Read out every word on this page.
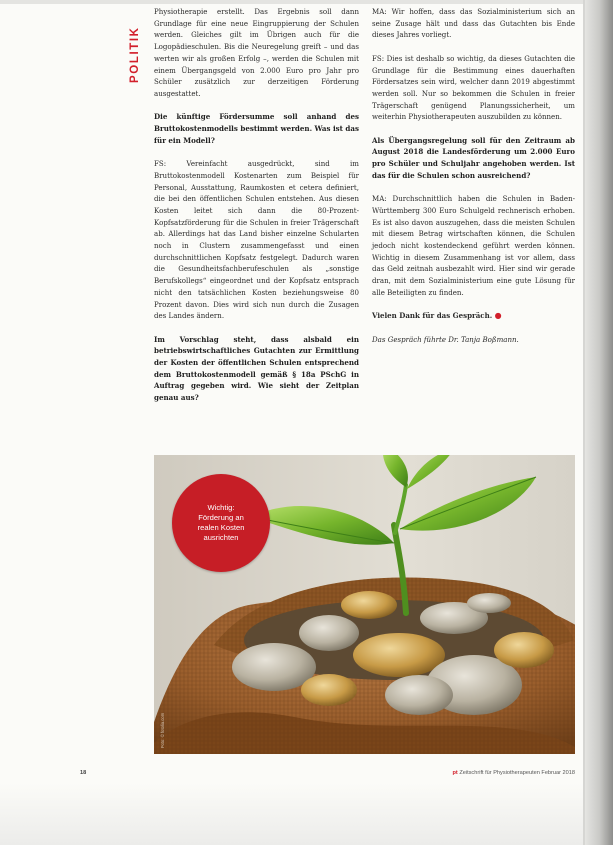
POLITIK

Physiotherapie erstellt. Das Ergebnis soll dann Grundlage für eine neue Eingruppierung der Schulen werden. Gleiches gilt im Übrigen auch für die Logopädieschulen. Bis die Neuregelung greift – und das werten wir als großen Erfolg –, werden die Schulen mit einem Übergangsgeld von 2.000 Euro pro Jahr pro Schüler zusätzlich zur derzeitigen Förderung ausgestattet.

Die künftige Fördersumme soll anhand des Bruttokostenmodells bestimmt werden. Was ist das für ein Modell?

FS: Vereinfacht ausgedrückt, sind im Bruttokostenmodell Kostenarten zum Beispiel für Personal, Ausstattung, Raumkosten et cetera definiert, die bei den öffentlichen Schulen entstehen. Aus diesen Kosten leitet sich dann die 80-Prozent-Kopfsatzförderung für die Schulen in freier Trägerschaft ab. Allerdings hat das Land bisher einzelne Schularten noch in Clustern zusammengefasst und einen durchschnittlichen Kopfsatz festgelegt. Dadurch waren die Gesundheitsfachberufeschulen als „sonstige Berufskollegs“ eingeordnet und der Kopfsatz entsprach nicht den tatsächlichen Kosten beziehungsweise 80 Prozent davon. Dies wird sich nun durch die Zusagen des Landes ändern.

Im Vorschlag steht, dass alsbald ein betriebswirtschaftliches Gutachten zur Ermittlung der Kosten der öffentlichen Schulen entsprechend dem Bruttokostenmodell gemäß § 18a PSchG in Auftrag gegeben wird. Wie sieht der Zeitplan genau aus?

MA: Wir hoffen, dass das Sozialministerium sich an seine Zusage hält und dass das Gutachten bis Ende dieses Jahres vorliegt.

FS: Dies ist deshalb so wichtig, da dieses Gutachten die Grundlage für die Bestimmung eines dauerhaften Fördersatzes sein wird, welcher dann 2019 abgestimmt werden soll. Nur so bekommen die Schulen in freier Trägerschaft genügend Planungssicherheit, um weiterhin Physiotherapeuten auszubilden zu können.

Als Übergangsregelung soll für den Zeitraum ab August 2018 die Landesförderung um 2.000 Euro pro Schüler und Schuljahr angehoben werden. Ist das für die Schulen schon ausreichend?

MA: Durchschnittlich haben die Schulen in Baden-Württemberg 300 Euro Schulgeld rechnerisch erhoben. Es ist also davon auszugehen, dass die meisten Schulen mit diesem Betrag wirtschaften können, die Schulen jedoch nicht kostendeckend geführt werden können. Wichtig in diesem Zusammenhang ist vor allem, dass das Geld zeitnah ausbezahlt wird. Hier sind wir gerade dran, mit dem Sozialministerium eine gute Lösung für alle Beteiligten zu finden.

Vielen Dank für das Gespräch. ●

Das Gespräch führte Dr. Tanja Boßmann.

Wichtig:
Förderung an
realen Kosten
ausrichten
18	pt Zeitschrift für Physiotherapeuten Februar 2018
